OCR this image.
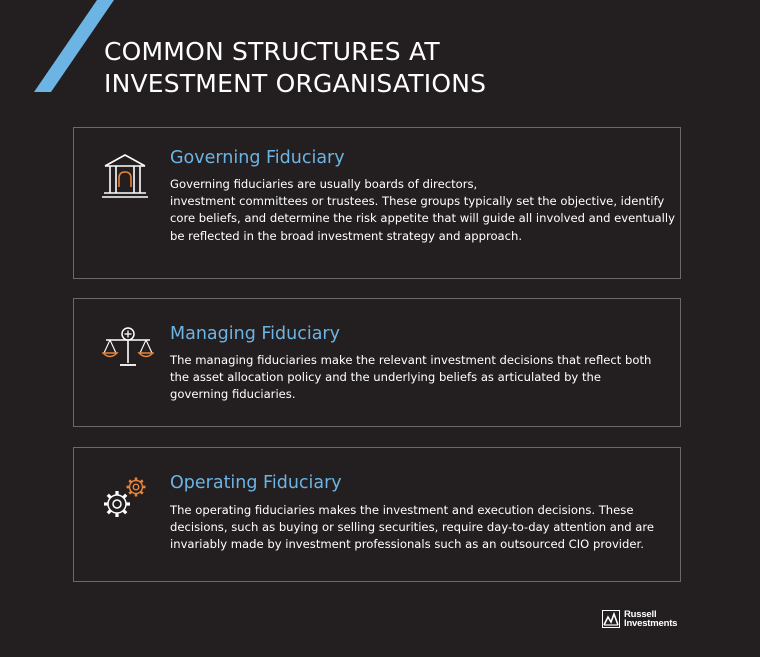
COMMON STRUCTURES AT
INVESTMENT ORGANISATIONS
Governing Fiduciary
Governing fiduciaries are usually boards of directors,
investment committees or trustees. These groups typically set the objective, identify
core beliefs, and determine the risk appetite that will guide all involved and eventually
be reflected in the broad investment strategy and approach.
Managing Fiduciary
The managing fiduciaries make the relevant investment decisions that reflect both
the asset allocation policy and the underlying beliefs as articulated by the
governing fiduciaries.
Operating Fiduciary
The operating fiduciaries makes the investment and execution decisions. These
decisions, such as buying or selling securities, require day-to-day attention and are
invariably made by investment professionals such as an outsourced CIO provider.
Russell
Investments
